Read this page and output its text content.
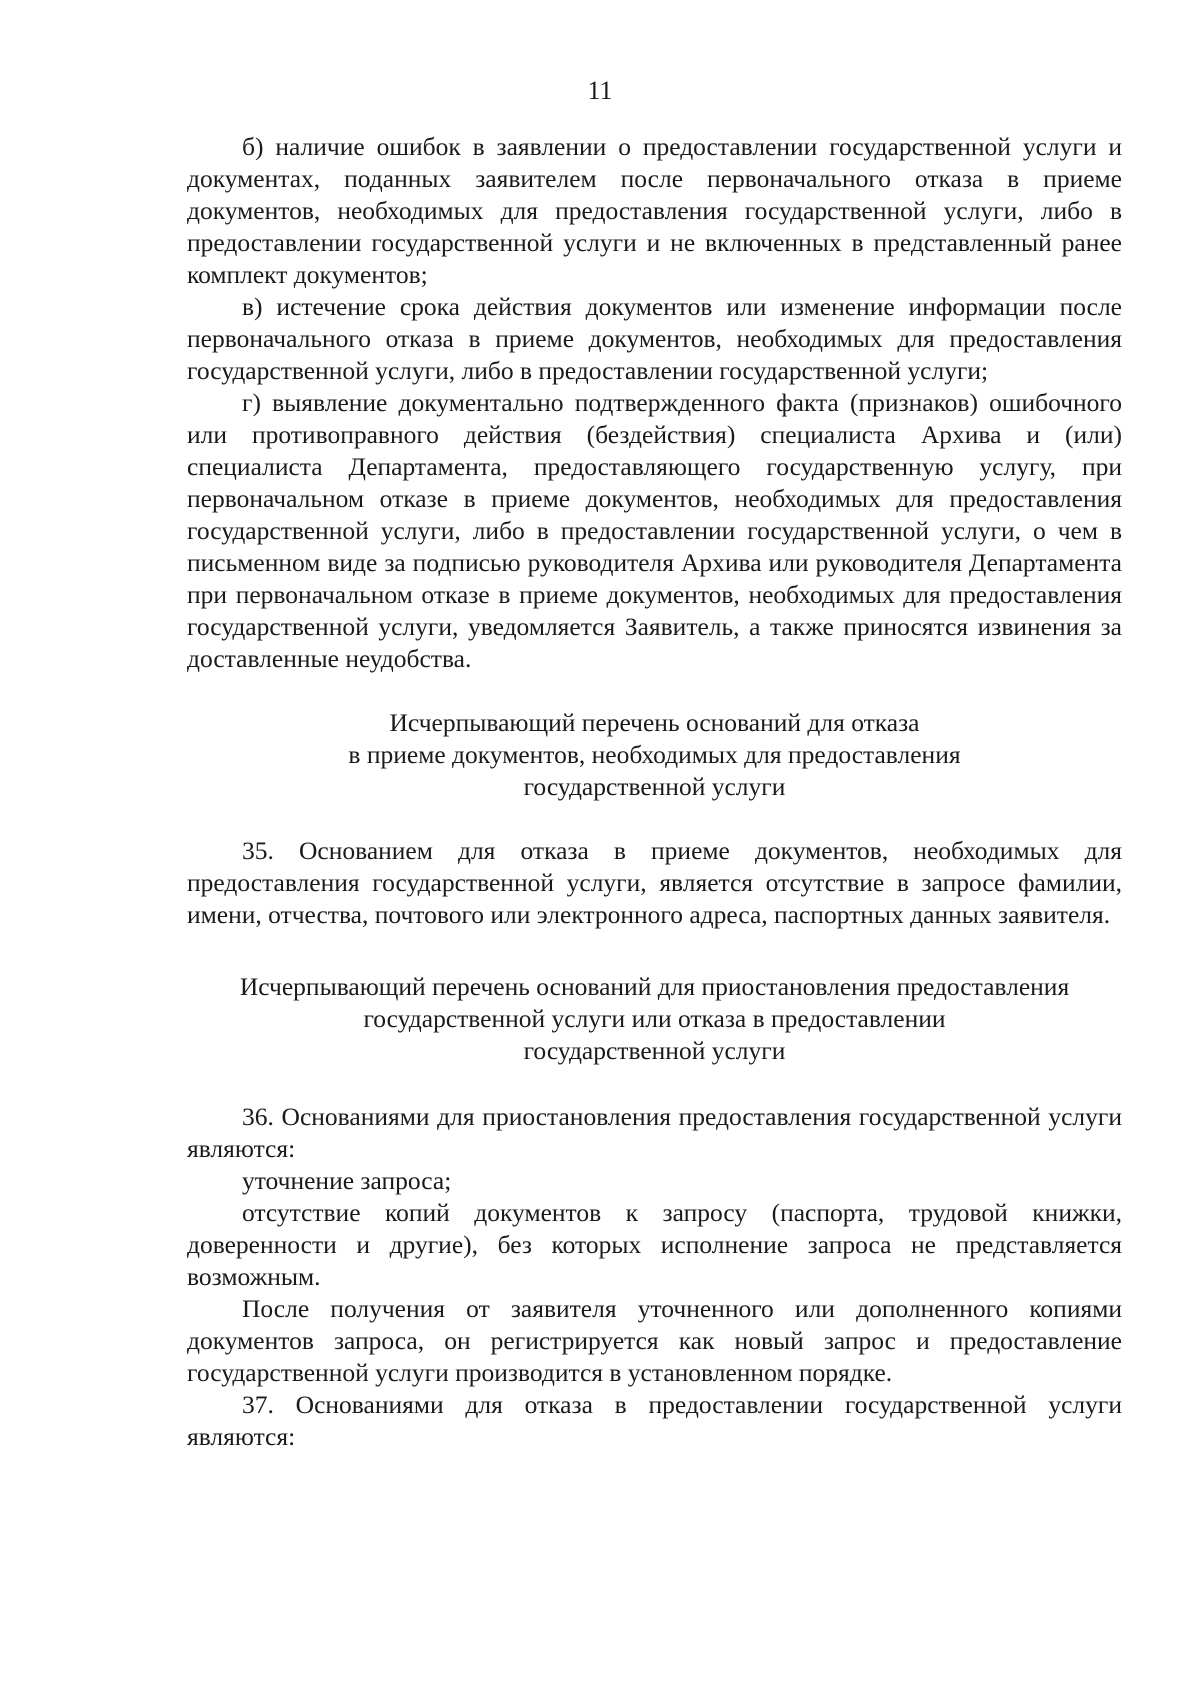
11

б) наличие ошибок в заявлении о предоставлении государственной услуги и документах, поданных заявителем после первоначального отказа в приеме документов, необходимых для предоставления государственной услуги, либо в предоставлении государственной услуги и не включенных в представленный ранее комплект документов;

в) истечение срока действия документов или изменение информации после первоначального отказа в приеме документов, необходимых для предоставления государственной услуги, либо в предоставлении государственной услуги;

г) выявление документально подтвержденного факта (признаков) ошибочного или противоправного действия (бездействия) специалиста Архива и (или) специалиста Департамента, предоставляющего государственную услугу, при первоначальном отказе в приеме документов, необходимых для предоставления государственной услуги, либо в предоставлении государственной услуги, о чем в письменном виде за подписью руководителя Архива или руководителя Департамента при первоначальном отказе в приеме документов, необходимых для предоставления государственной услуги, уведомляется Заявитель, а также приносятся извинения за доставленные неудобства.

Исчерпывающий перечень оснований для отказа
в приеме документов, необходимых для предоставления
государственной услуги

35. Основанием для отказа в приеме документов, необходимых для предоставления государственной услуги, является отсутствие в запросе фамилии, имени, отчества, почтового или электронного адреса, паспортных данных заявителя.

Исчерпывающий перечень оснований для приостановления предоставления
государственной услуги или отказа в предоставлении
государственной услуги

36. Основаниями для приостановления предоставления государственной услуги являются:

уточнение запроса;

отсутствие копий документов к запросу (паспорта, трудовой книжки, доверенности и другие), без которых исполнение запроса не представляется возможным.

После получения от заявителя уточненного или дополненного копиями документов запроса, он регистрируется как новый запрос и предоставление государственной услуги производится в установленном порядке.

37. Основаниями для отказа в предоставлении государственной услуги являются:
